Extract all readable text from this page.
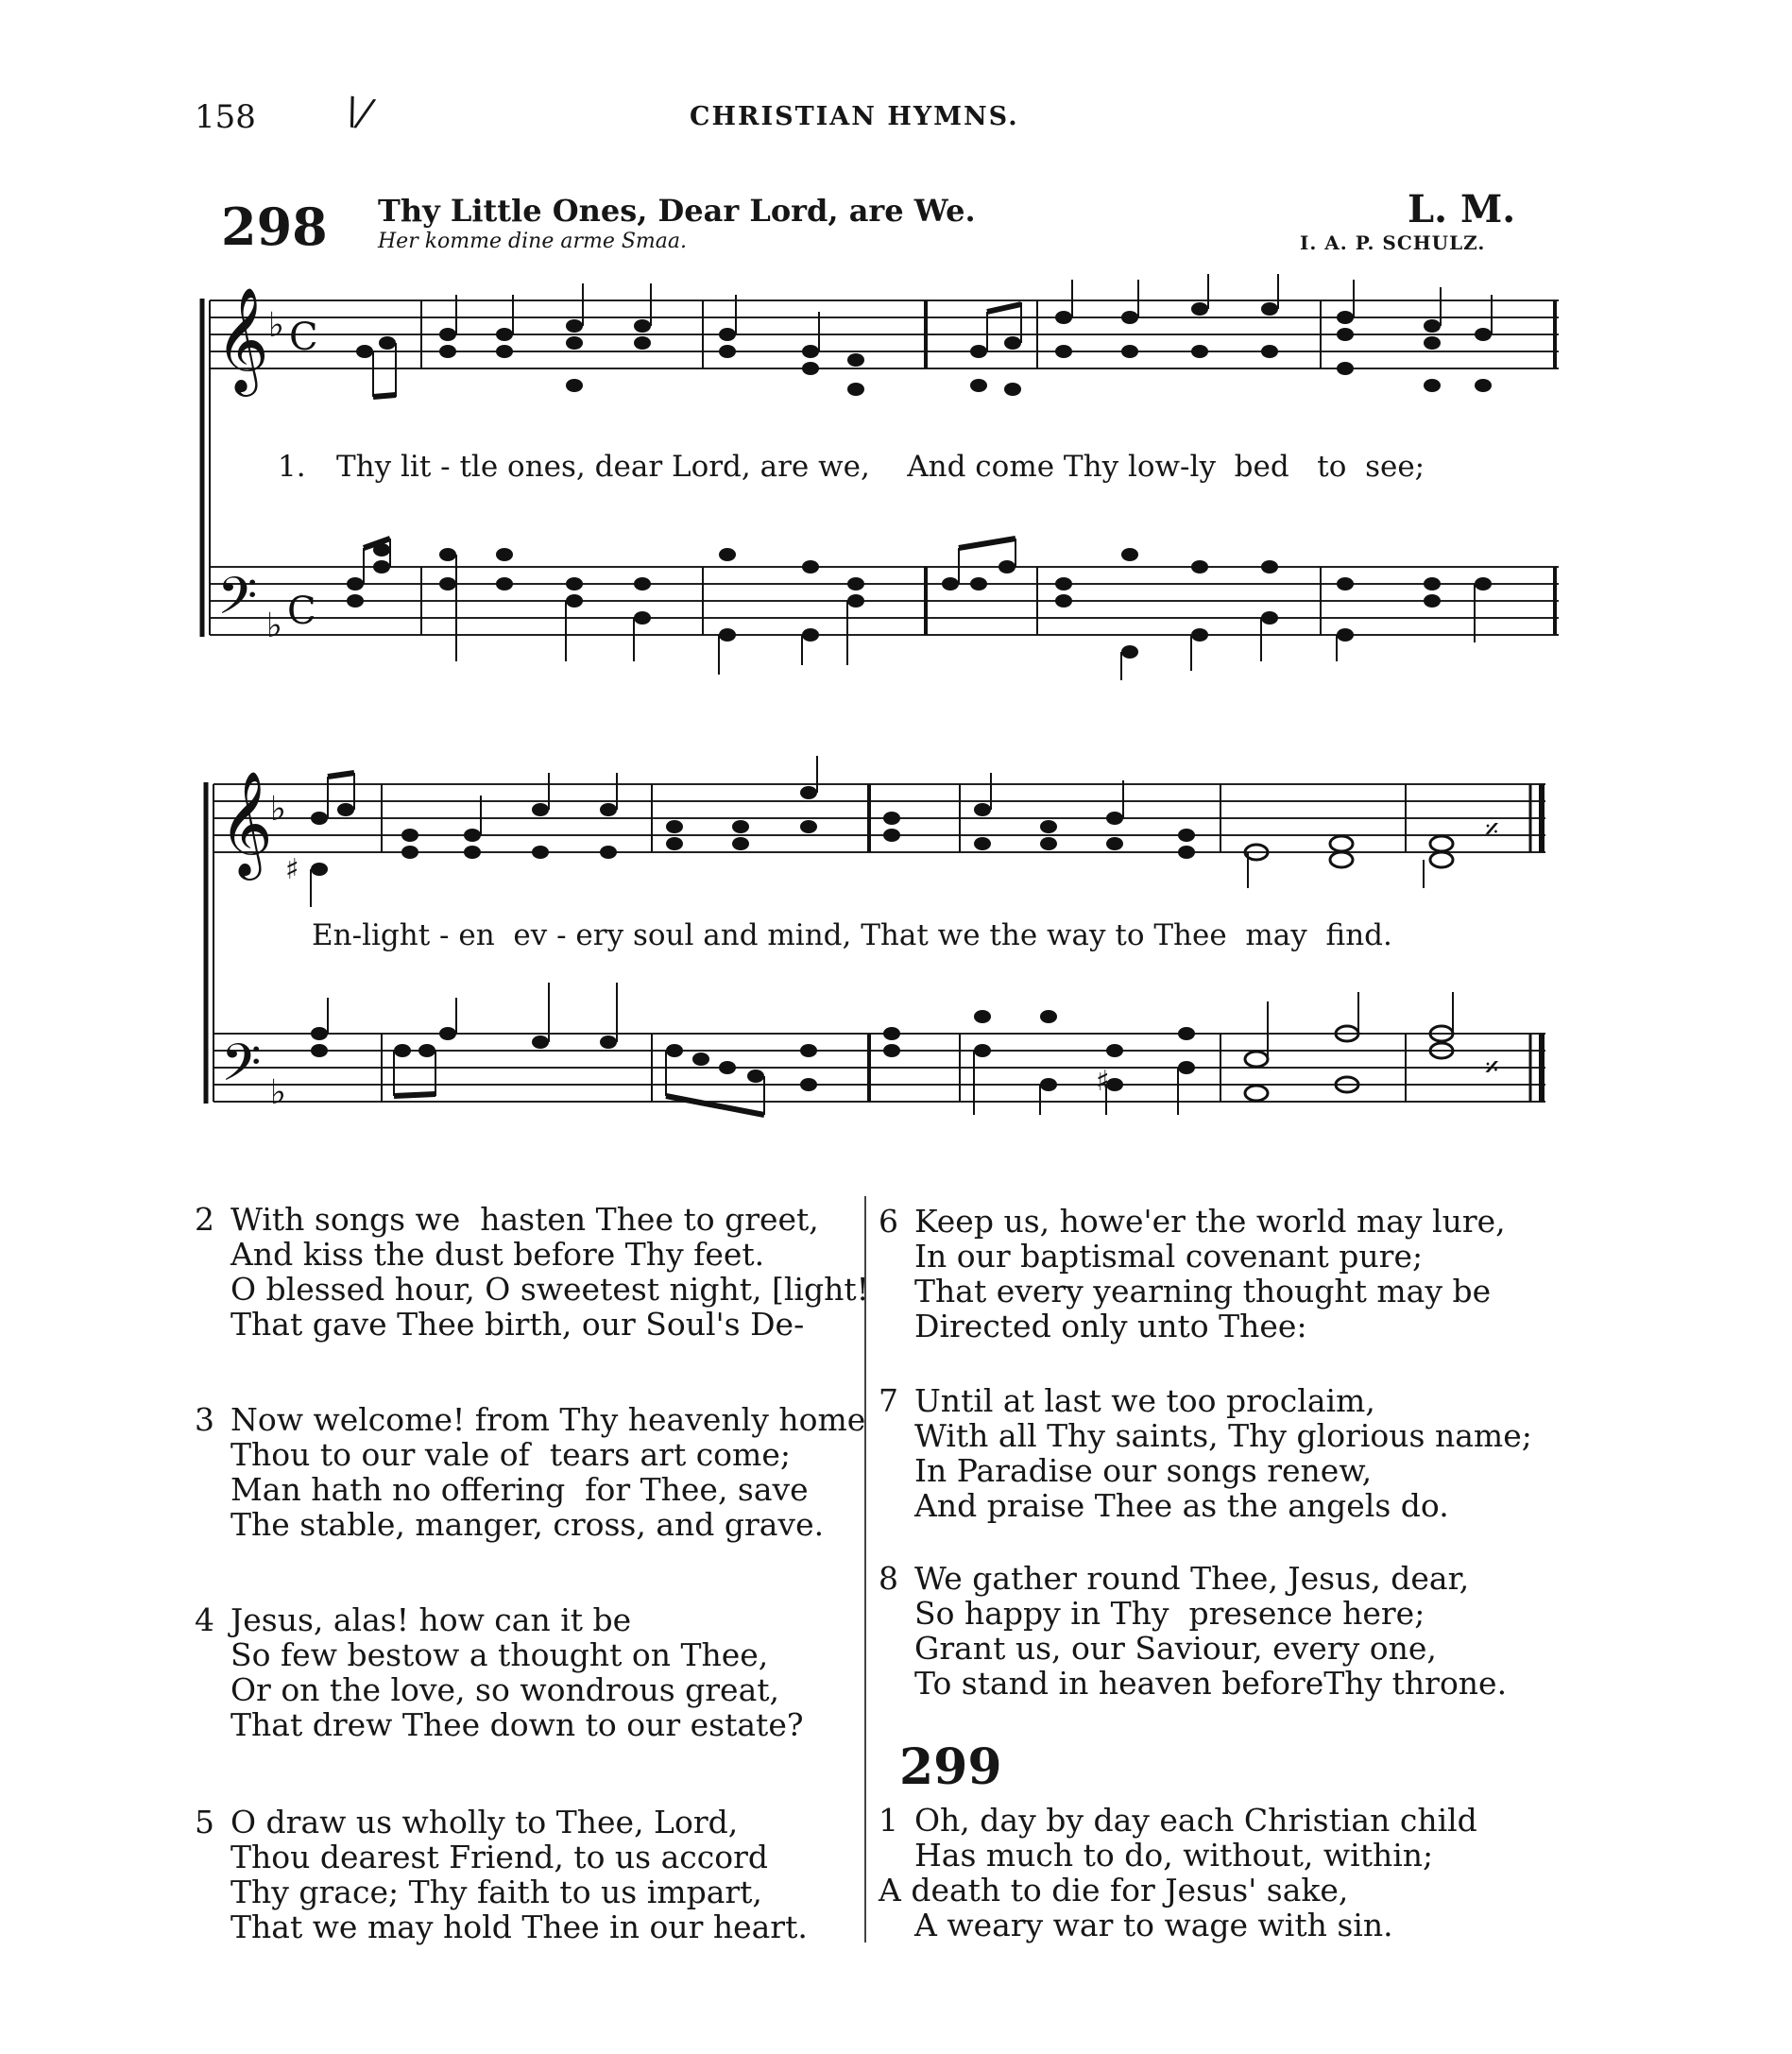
158 \/	CHRISTIAN HYMNS.
298 Thy Little Ones, Dear Lord, are We.
Her komme dine arme Smaa.
L. M.
I. A. P. SCHULZ.
𝄞
𝄢
♭
♭
C
C
𝄞
𝄢
♭
♭
♯
𝄎
♯	𝄎
1. Thy lit - tle ones, dear Lord, are we,    And come Thy low-ly  bed   to  see;
En-light - en  ev - ery soul and mind, That we the way to Thee  may  find.
2 With songs we  hasten Thee to greet,
And kiss the dust before Thy feet.
O blessed hour, O sweetest night, [light!
That gave Thee birth, our Soul's De-
3 Now welcome! from Thy heavenly home
Thou to our vale of  tears art come;
Man hath no offering  for Thee, save
The stable, manger, cross, and grave.
4 Jesus, alas! how can it be
So few bestow a thought on Thee,
Or on the love, so wondrous great,
That drew Thee down to our estate?
5 O draw us wholly to Thee, Lord,
Thou dearest Friend, to us accord
Thy grace; Thy faith to us impart,
That we may hold Thee in our heart.
6 Keep us, howe'er the world may lure,
In our baptismal covenant pure;
That every yearning thought may be
Directed only unto Thee:
7 Until at last we too proclaim,
With all Thy saints, Thy glorious name;
In Paradise our songs renew,
And praise Thee as the angels do.
8 We gather round Thee, Jesus, dear,
So happy in Thy  presence here;
Grant us, our Saviour, every one,
To stand in heaven beforeThy throne.
299
1 Oh, day by day each Christian child
Has much to do, without, within;
A death to die for Jesus' sake,
A weary war to wage with sin.
